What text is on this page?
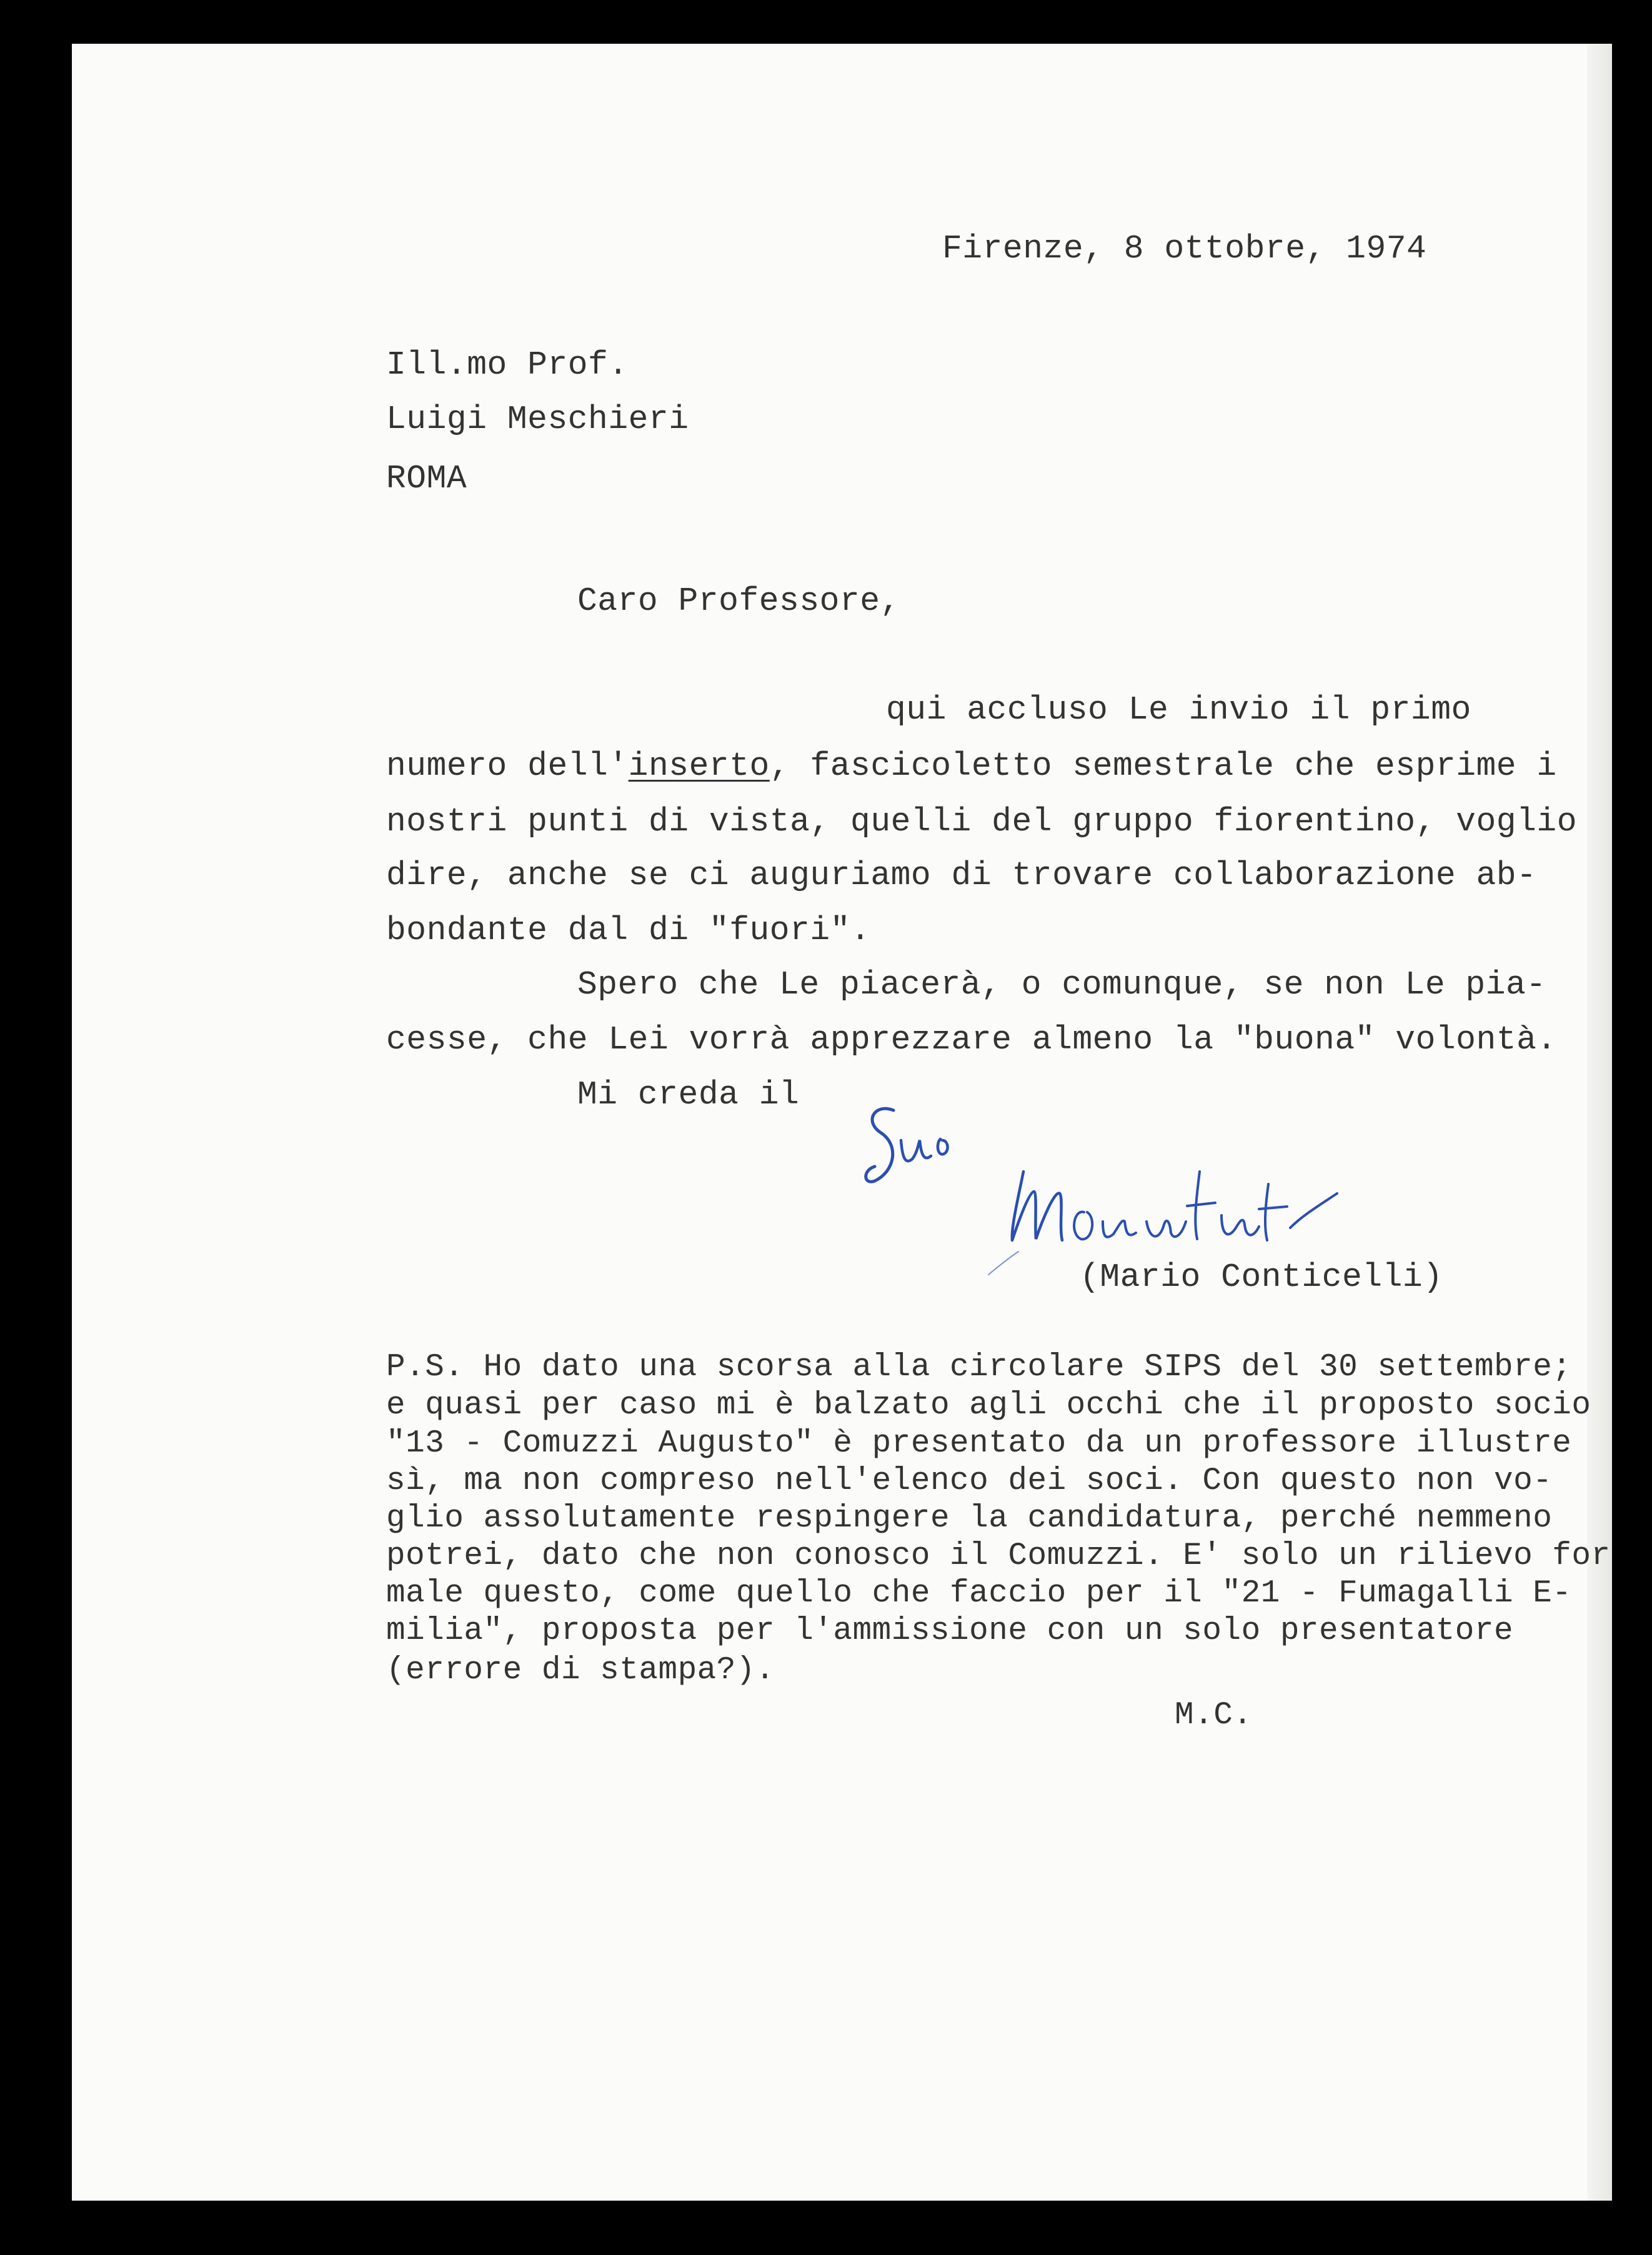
Firenze, 8 ottobre, 1974
Ill.mo Prof.
Luigi Meschieri
ROMA
Caro Professore,
qui accluso Le invio il primo
numero dell'inserto, fascicoletto semestrale che esprime i
nostri punti di vista, quelli del gruppo fiorentino, voglio
dire, anche se ci auguriamo di trovare collaborazione ab-
bondante dal di "fuori".
Spero che Le piacerà, o comunque, se non Le pia-
cesse, che Lei vorrà apprezzare almeno la "buona" volontà.
Mi creda il
(Mario Conticelli)
P.S. Ho dato una scorsa alla circolare SIPS del 30 settembre;
e quasi per caso mi è balzato agli occhi che il proposto socio
"13 - Comuzzi Augusto" è presentato da un professore illustre
sì, ma non compreso nell'elenco dei soci. Con questo non vo-
glio assolutamente respingere la candidatura, perché nemmeno
potrei, dato che non conosco il Comuzzi. E' solo un rilievo for
male questo, come quello che faccio per il "21 - Fumagalli E-
milia", proposta per l'ammissione con un solo presentatore
(errore di stampa?).
M.C.
